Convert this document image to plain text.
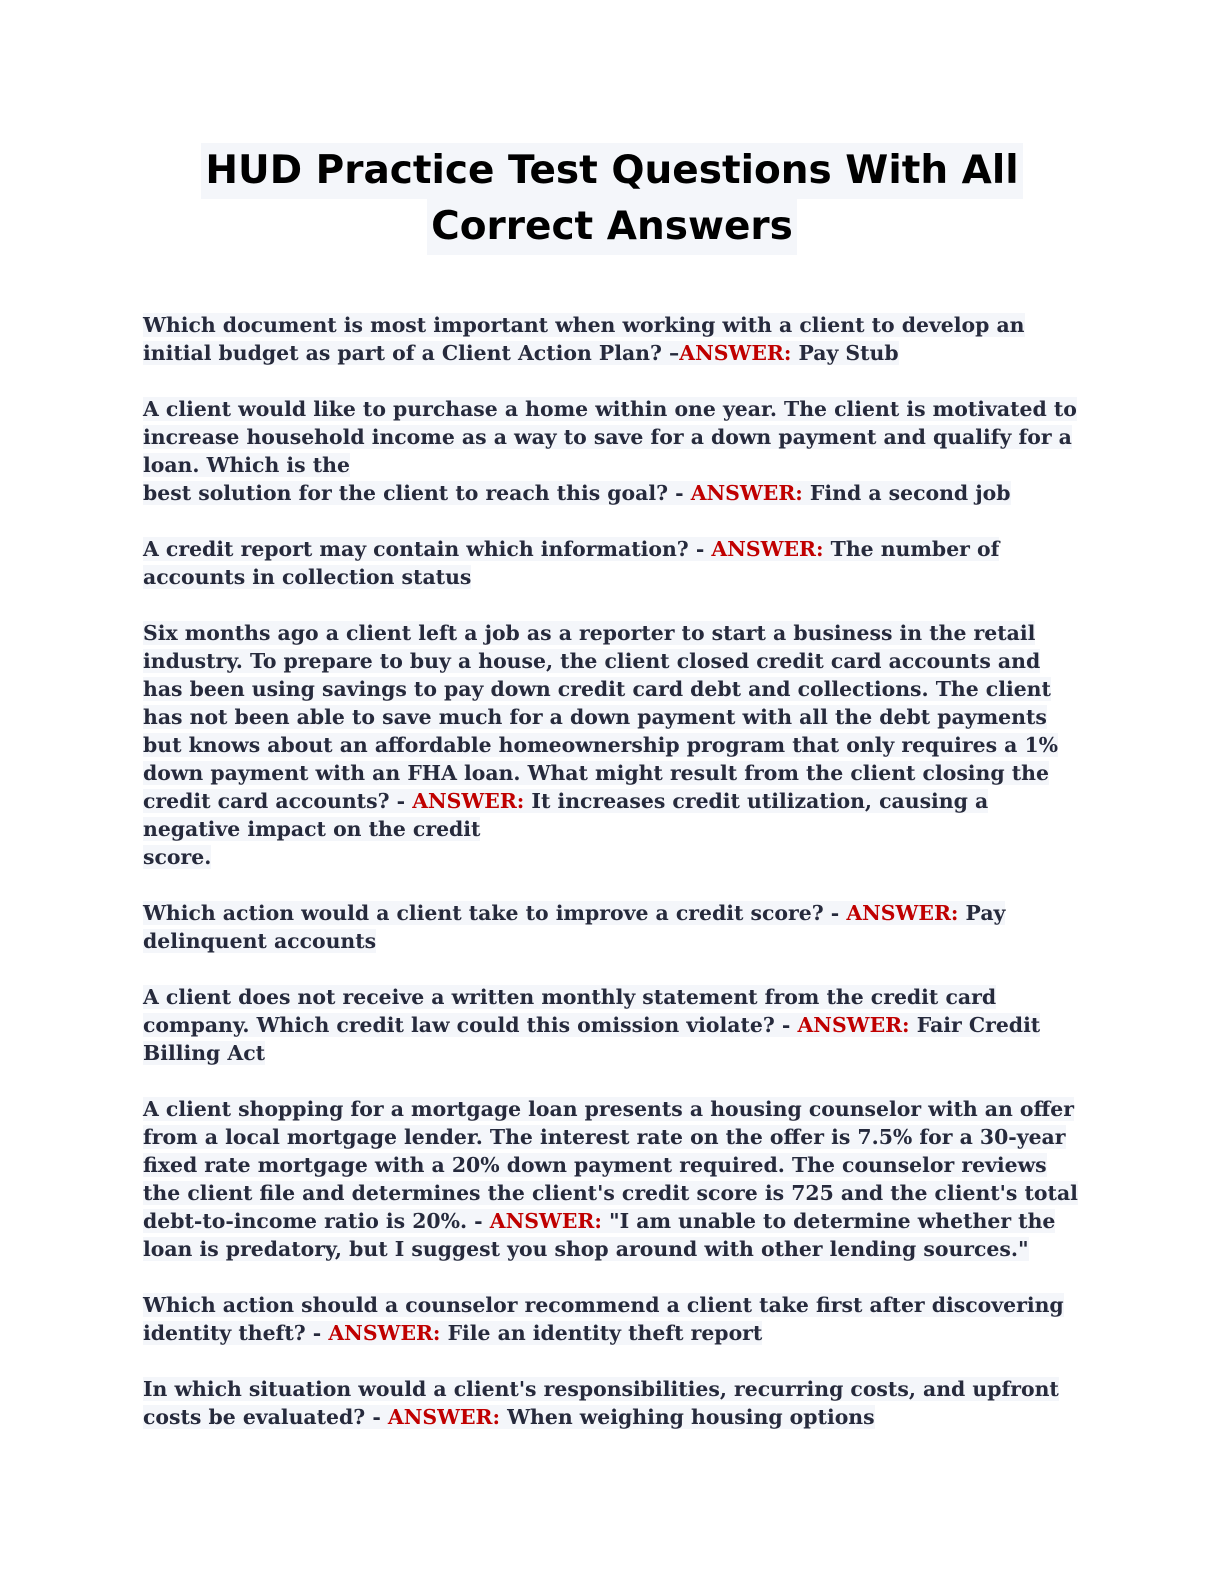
HUD Practice Test Questions With All
Correct Answers

Which document is most important when working with a client to develop an initial budget as part of a Client Action Plan? –ANSWER: Pay Stub

A client would like to purchase a home within one year. The client is motivated to increase household income as a way to save for a down payment and qualify for a loan. Which is the
best solution for the client to reach this goal? - ANSWER: Find a second job

A credit report may contain which information? - ANSWER: The number of accounts in collection status

Six months ago a client left a job as a reporter to start a business in the retail industry. To prepare to buy a house, the client closed credit card accounts and has been using savings to pay down credit card debt and collections. The client has not been able to save much for a down payment with all the debt payments but knows about an affordable homeownership program that only requires a 1% down payment with an FHA loan. What might result from the client closing the credit card accounts? - ANSWER: It increases credit utilization, causing a negative impact on the credit
score.

Which action would a client take to improve a credit score? - ANSWER: Pay delinquent accounts

A client does not receive a written monthly statement from the credit card company. Which credit law could this omission violate? - ANSWER: Fair Credit Billing Act

A client shopping for a mortgage loan presents a housing counselor with an offer from a local mortgage lender. The interest rate on the offer is 7.5% for a 30-year fixed rate mortgage with a 20% down payment required. The counselor reviews the client file and determines the client's credit score is 725 and the client's total debt-to-income ratio is 20%. - ANSWER: "I am unable to determine whether the loan is predatory, but I suggest you shop around with other lending sources."

Which action should a counselor recommend a client take first after discovering identity theft? - ANSWER: File an identity theft report

In which situation would a client's responsibilities, recurring costs, and upfront costs be evaluated? - ANSWER: When weighing housing options
